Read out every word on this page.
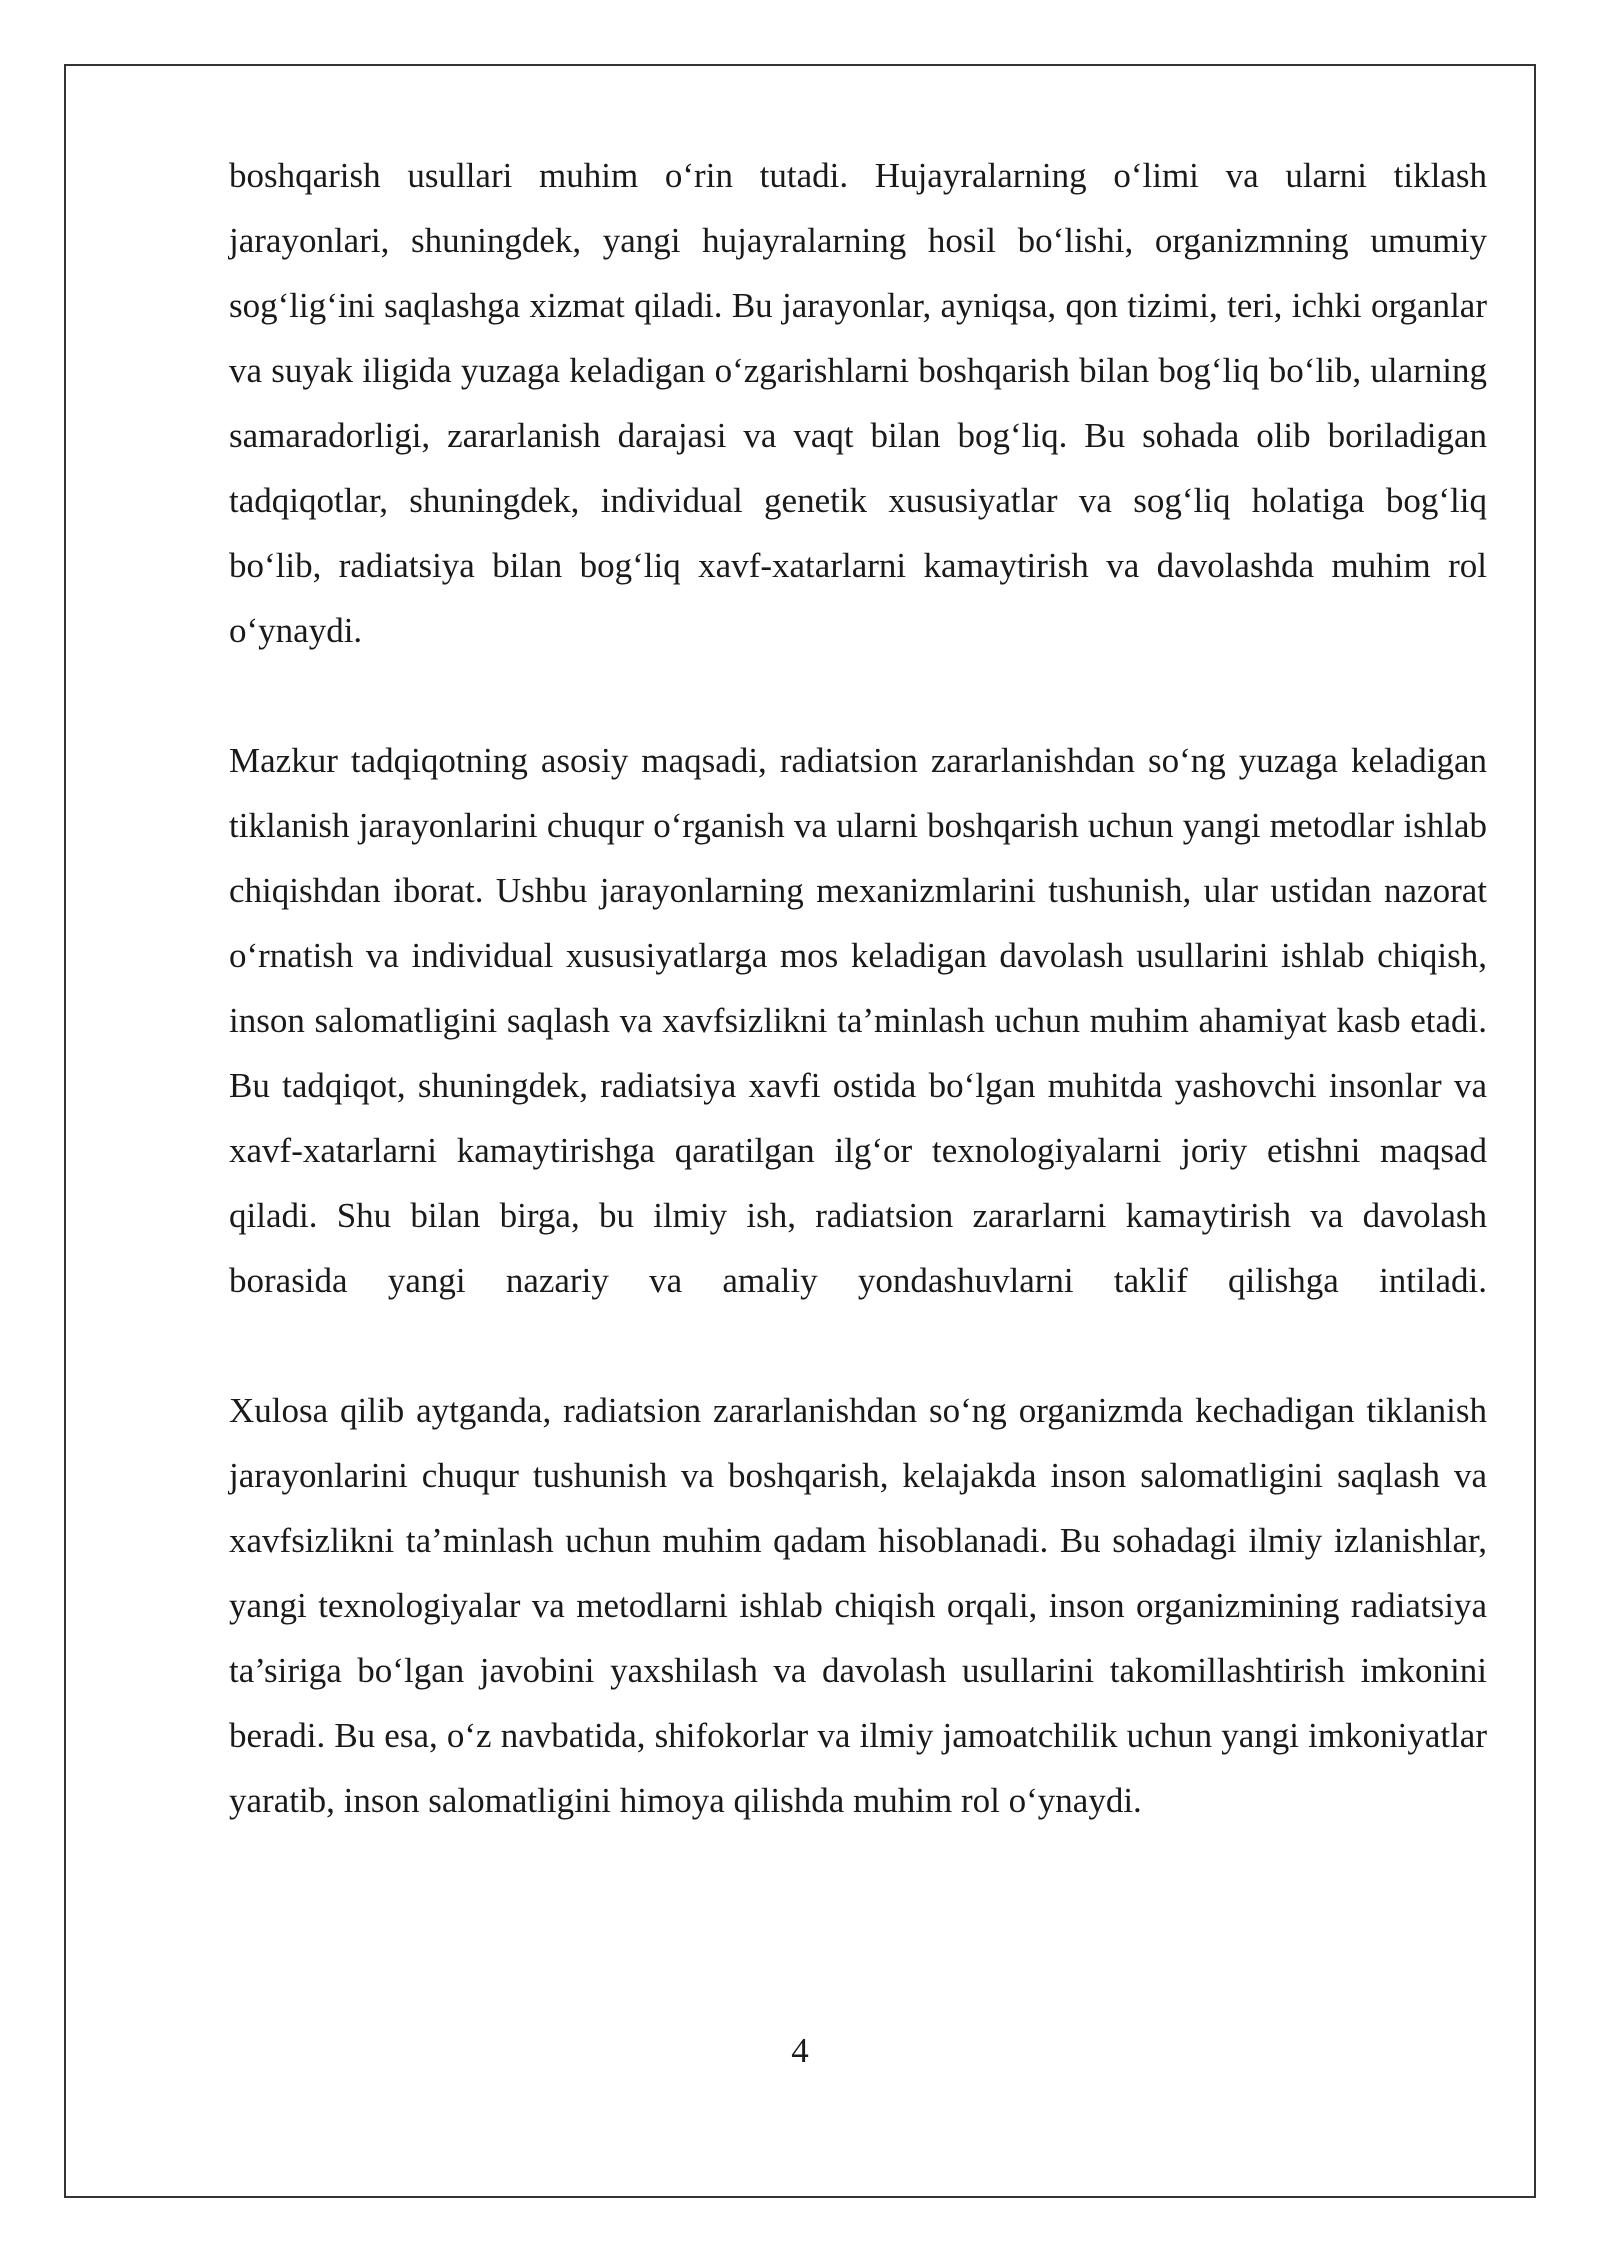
boshqarish usullari muhim o‘rin tutadi. Hujayralarning o‘limi va ularni tiklash jarayonlari, shuningdek, yangi hujayralarning hosil bo‘lishi, organizmning umumiy sog‘lig‘ini saqlashga xizmat qiladi. Bu jarayonlar, ayniqsa, qon tizimi, teri, ichki organlar va suyak iligida yuzaga keladigan o‘zgarishlarni boshqarish bilan bog‘liq bo‘lib, ularning samaradorligi, zararlanish darajasi va vaqt bilan bog‘liq. Bu sohada olib boriladigan tadqiqotlar, shuningdek, individual genetik xususiyatlar va sog‘liq holatiga bog‘liq bo‘lib, radiatsiya bilan bog‘liq xavf-xatarlarni kamaytirish va davolashda muhim rol o‘ynaydi.

Mazkur tadqiqotning asosiy maqsadi, radiatsion zararlanishdan so‘ng yuzaga keladigan tiklanish jarayonlarini chuqur o‘rganish va ularni boshqarish uchun yangi metodlar ishlab chiqishdan iborat. Ushbu jarayonlarning mexanizmlarini tushunish, ular ustidan nazorat o‘rnatish va individual xususiyatlarga mos keladigan davolash usullarini ishlab chiqish, inson salomatligini saqlash va xavfsizlikni ta’minlash uchun muhim ahamiyat kasb etadi. Bu tadqiqot, shuningdek, radiatsiya xavfi ostida bo‘lgan muhitda yashovchi insonlar va xavf-xatarlarni kamaytirishga qaratilgan ilg‘or texnologiyalarni joriy etishni maqsad qiladi. Shu bilan birga, bu ilmiy ish, radiatsion zararlarni kamaytirish va davolash borasida yangi nazariy va amaliy yondashuvlarni taklif qilishga intiladi.

Xulosa qilib aytganda, radiatsion zararlanishdan so‘ng organizmda kechadigan tiklanish jarayonlarini chuqur tushunish va boshqarish, kelajakda inson salomatligini saqlash va xavfsizlikni ta’minlash uchun muhim qadam hisoblanadi. Bu sohadagi ilmiy izlanishlar, yangi texnologiyalar va metodlarni ishlab chiqish orqali, inson organizmining radiatsiya ta’siriga bo‘lgan javobini yaxshilash va davolash usullarini takomillashtirish imkonini beradi. Bu esa, o‘z navbatida, shifokorlar va ilmiy jamoatchilik uchun yangi imkoniyatlar yaratib, inson salomatligini himoya qilishda muhim rol o‘ynaydi.

4
